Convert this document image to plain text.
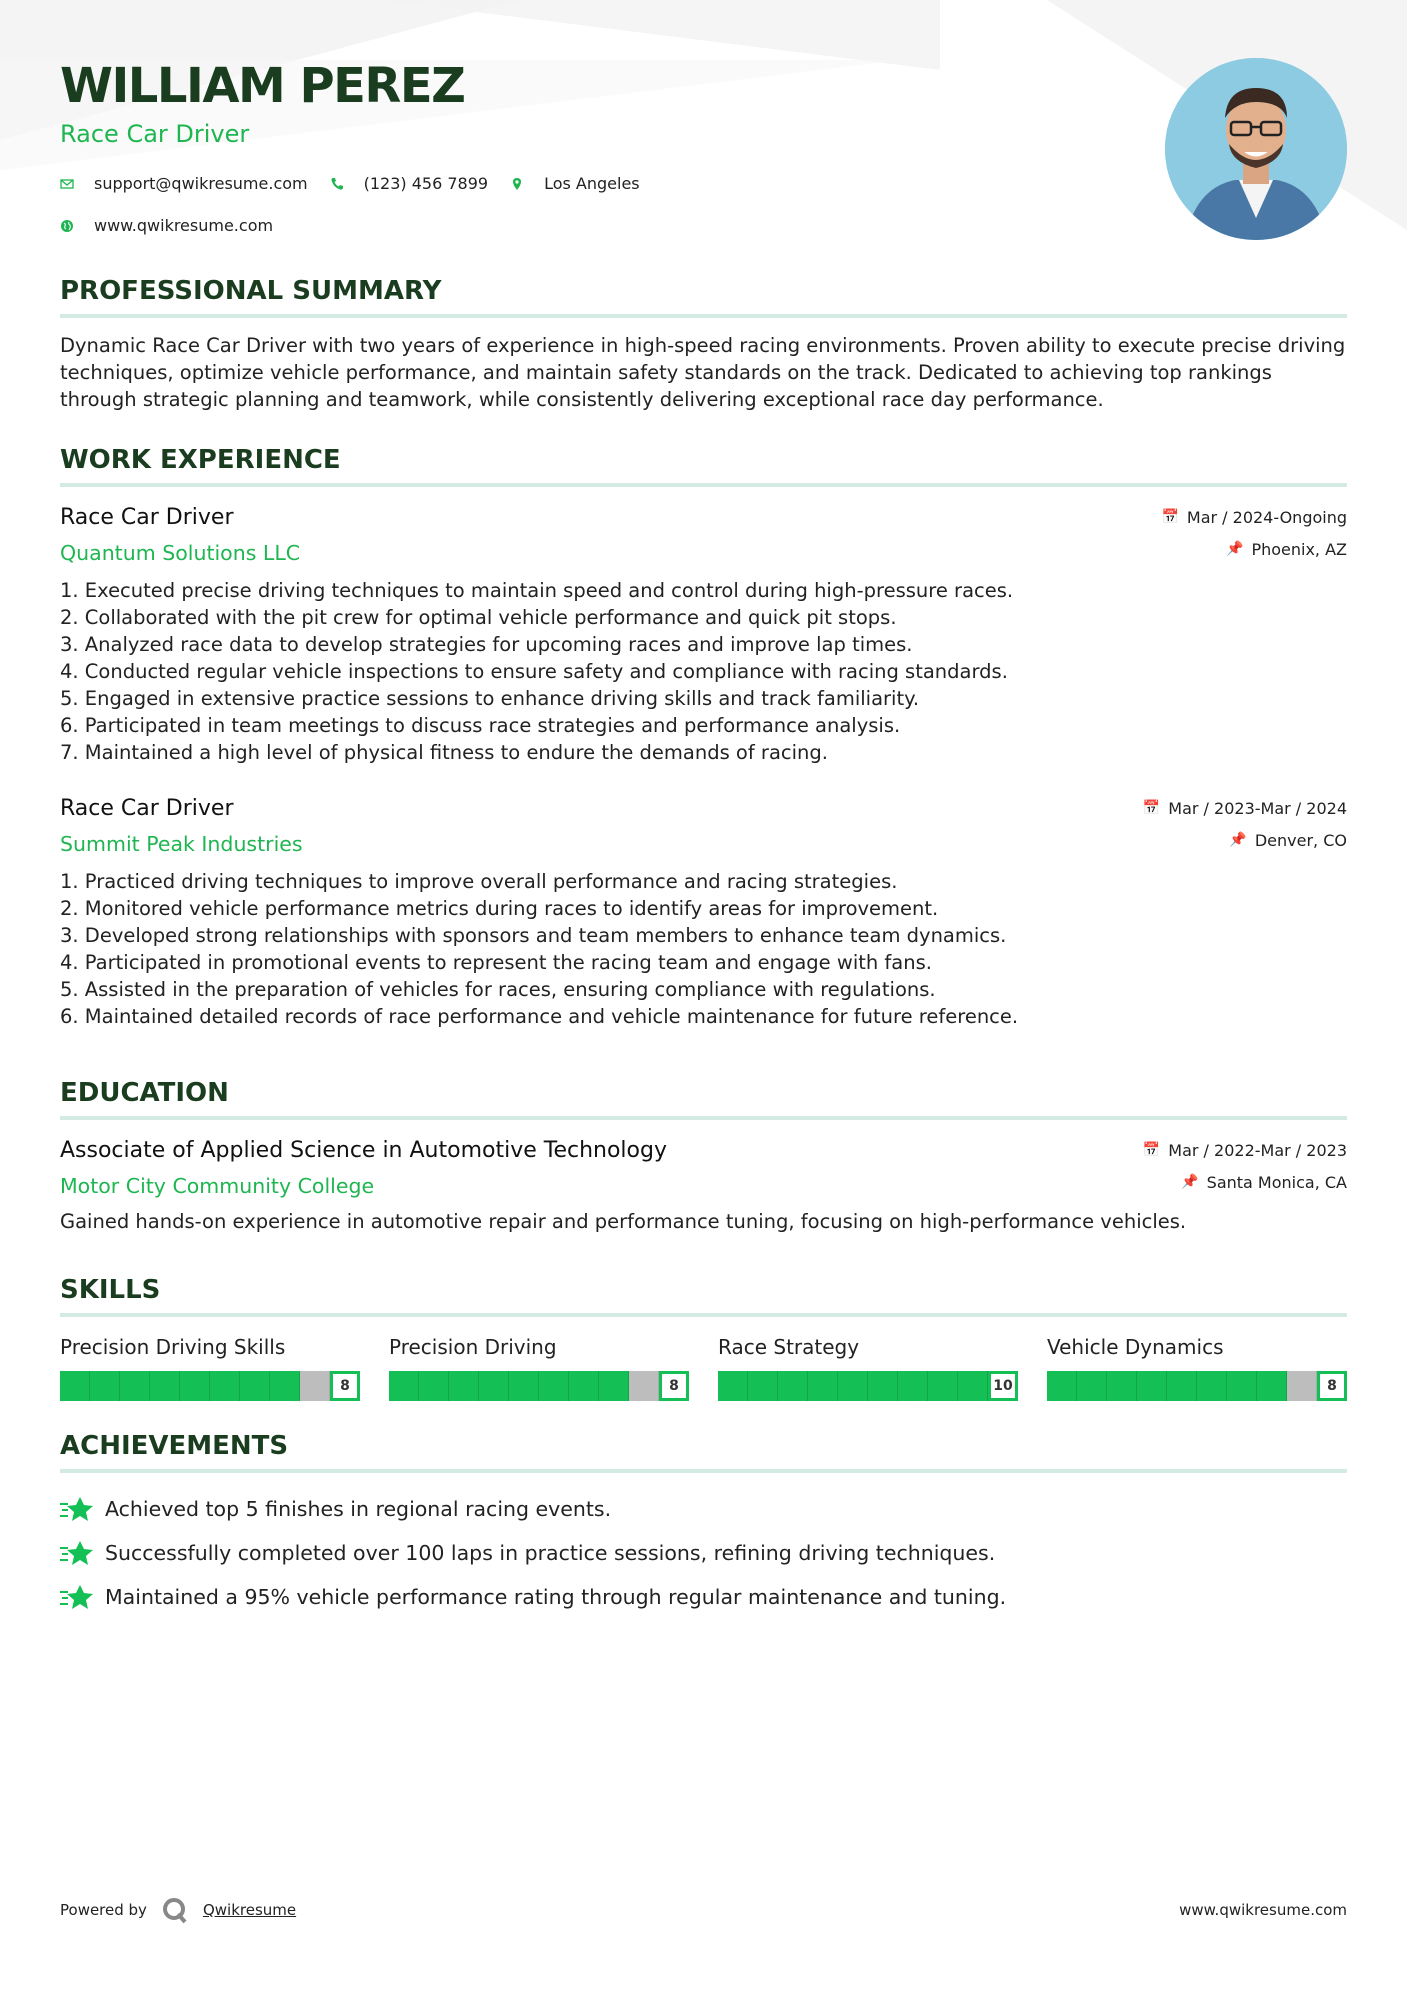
WILLIAM PEREZ
Race Car Driver
support@qwikresume.com	(123) 456 7899	Los Angeles
www.qwikresume.com
PROFESSIONAL SUMMARY

Dynamic Race Car Driver with two years of experience in high-speed racing environments. Proven ability to execute precise driving techniques, optimize vehicle performance, and maintain safety standards on the track. Dedicated to achieving top rankings through strategic planning and teamwork, while consistently delivering exceptional race day performance.

WORK EXPERIENCE
Race Car Driver
Quantum Solutions LLC
📅 Mar / 2024-Ongoing
📌 Phoenix, AZ
1. Executed precise driving techniques to maintain speed and control during high-pressure races.
2. Collaborated with the pit crew for optimal vehicle performance and quick pit stops.
3. Analyzed race data to develop strategies for upcoming races and improve lap times.
4. Conducted regular vehicle inspections to ensure safety and compliance with racing standards.
5. Engaged in extensive practice sessions to enhance driving skills and track familiarity.
6. Participated in team meetings to discuss race strategies and performance analysis.
7. Maintained a high level of physical fitness to endure the demands of racing.
Race Car Driver
Summit Peak Industries
📅 Mar / 2023-Mar / 2024
📌 Denver, CO
1. Practiced driving techniques to improve overall performance and racing strategies.
2. Monitored vehicle performance metrics during races to identify areas for improvement.
3. Developed strong relationships with sponsors and team members to enhance team dynamics.
4. Participated in promotional events to represent the racing team and engage with fans.
5. Assisted in the preparation of vehicles for races, ensuring compliance with regulations.
6. Maintained detailed records of race performance and vehicle maintenance for future reference.
EDUCATION
Associate of Applied Science in Automotive Technology
Motor City Community College
📅 Mar / 2022-Mar / 2023
📌 Santa Monica, CA

Gained hands-on experience in automotive repair and performance tuning, focusing on high-performance vehicles.

SKILLS
Precision Driving Skills
8
Precision Driving
8
Race Strategy
10
Vehicle Dynamics
8
ACHIEVEMENTS
Achieved top 5 finishes in regional racing events.
Successfully completed over 100 laps in practice sessions, refining driving techniques.
Maintained a 95% vehicle performance rating through regular maintenance and tuning.
Powered by	Qwikresume	www.qwikresume.com
